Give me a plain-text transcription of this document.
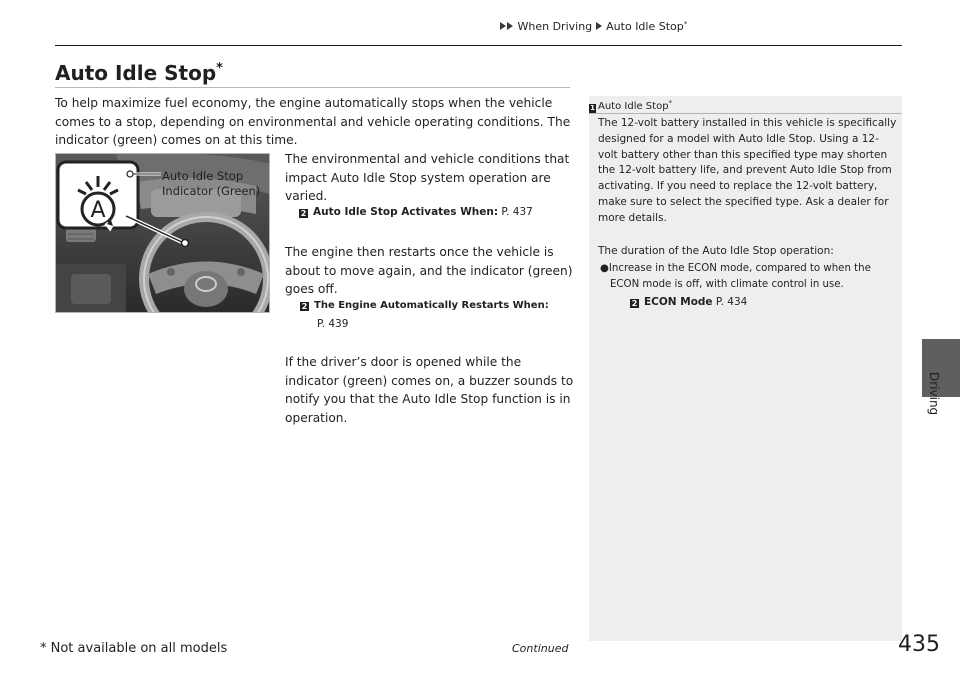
When Driving Auto Idle Stop*
Auto Idle Stop*
To help maximize fuel economy, the engine automatically stops when the vehicle comes to a stop, depending on environmental and vehicle operating conditions. The indicator (green) comes on at this time.
A
Auto Idle Stop
Indicator (Green)
The environmental and vehicle conditions that impact Auto Idle Stop system operation are varied.
2 Auto Idle Stop Activates When: P. 437
The engine then restarts once the vehicle is about to move again, and the indicator (green) goes off.
2 The Engine Automatically Restarts When:
P. 439
If the driver’s door is opened while the indicator (green) comes on, a buzzer sounds to notify you that the Auto Idle Stop function is in operation.
1 Auto Idle Stop*
The 12-volt battery installed in this vehicle is specifically designed for a model with Auto Idle Stop. Using a 12-volt battery other than this specified type may shorten the 12-volt battery life, and prevent Auto Idle Stop from activating. If you need to replace the 12-volt battery, make sure to select the specified type. Ask a dealer for more details.
The duration of the Auto Idle Stop operation:
●Increase in the ECON mode, compared to when the ECON mode is off, with climate control in use.
2 ECON Mode P. 434
Driving
* Not available on all models	Continued	435
